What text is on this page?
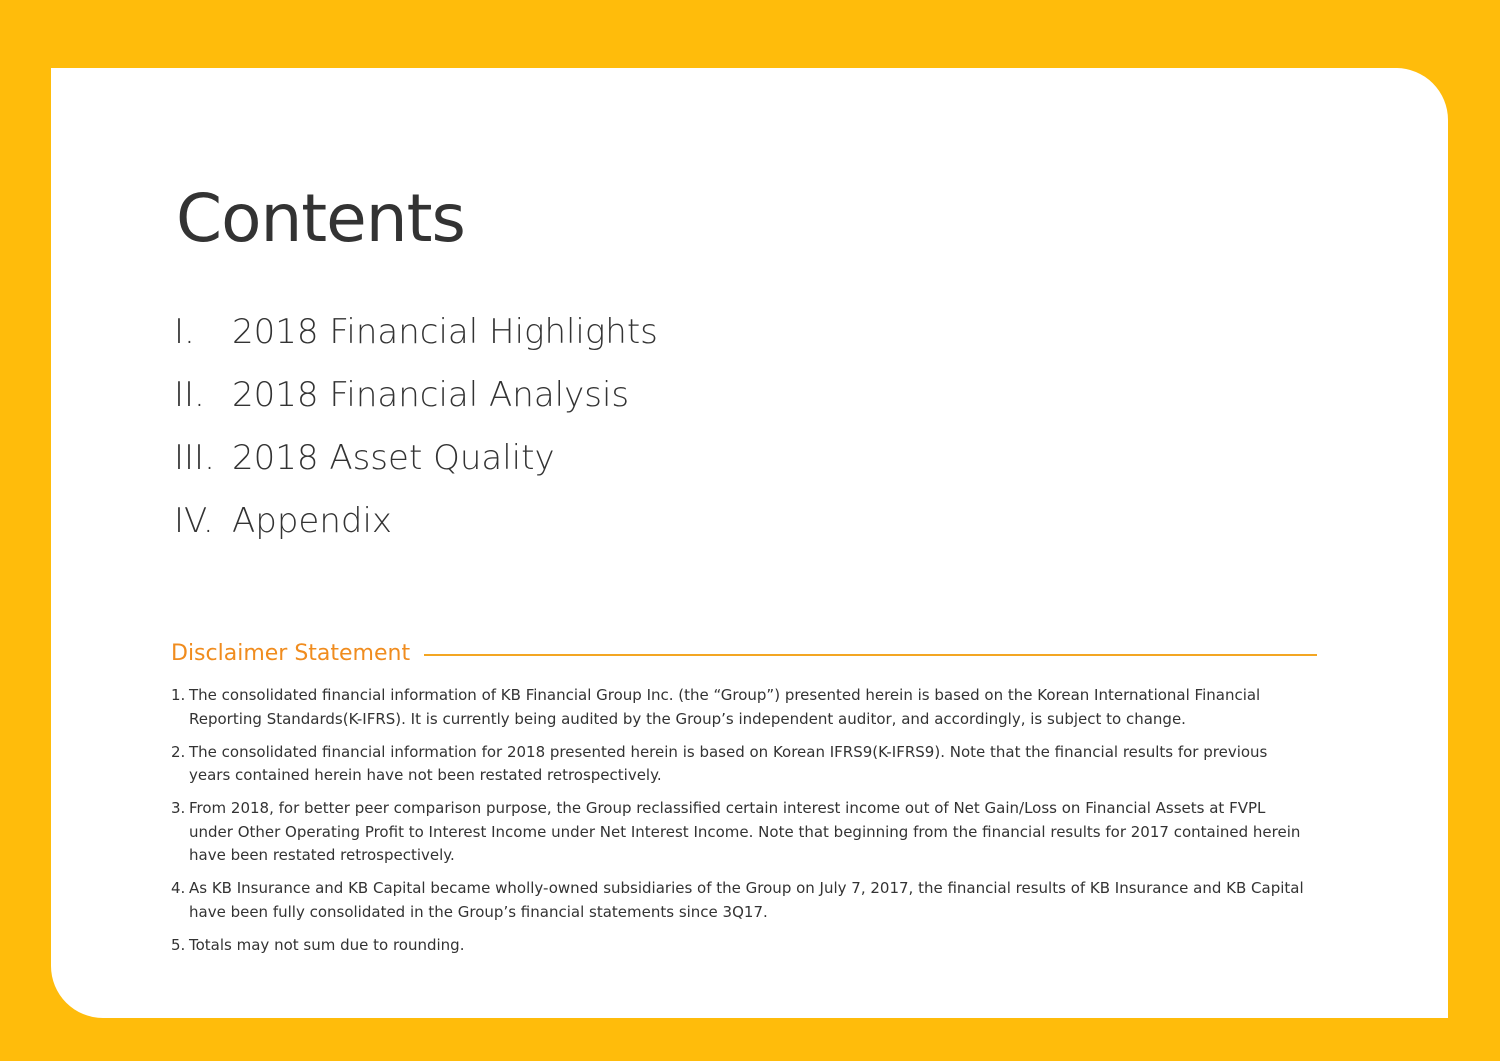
Contents
I.	2018 Financial Highlights
II. 2018 Financial Analysis
III. 2018 Asset Quality
IV. Appendix
Disclaimer Statement
1. The consolidated financial information of KB Financial Group Inc. (the “Group”) presented herein is based on the Korean International Financial Reporting Standards(K-IFRS). It is currently being audited by the Group’s independent auditor, and accordingly, is subject to change.
2. The consolidated financial information for 2018 presented herein is based on Korean IFRS9(K-IFRS9). Note that the financial results for previous years contained herein have not been restated retrospectively.
3. From 2018, for better peer comparison purpose, the Group reclassified certain interest income out of Net Gain/Loss on Financial Assets at FVPL under Other Operating Profit to Interest Income under Net Interest Income. Note that beginning from the financial results for 2017 contained herein have been restated retrospectively.
4. As KB Insurance and KB Capital became wholly-owned subsidiaries of the Group on July 7, 2017, the financial results of KB Insurance and KB Capital have been fully consolidated in the Group’s financial statements since 3Q17.
5. Totals may not sum due to rounding.
